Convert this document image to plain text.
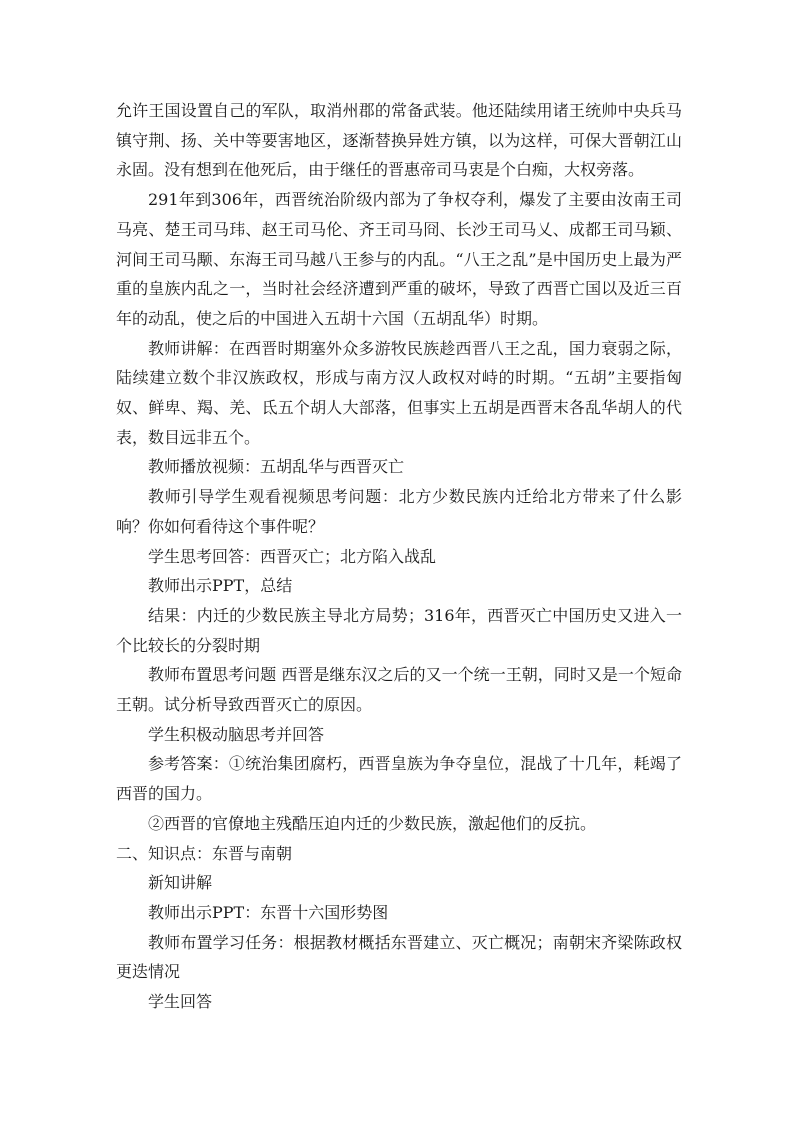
允许王国设置自己的军队，取消州郡的常备武装。他还陆续用诸王统帅中央兵马镇守荆、扬、关中等要害地区，逐渐替换异姓方镇，以为这样，可保大晋朝江山永固。没有想到在他死后，由于继任的晋惠帝司马衷是个白痴，大权旁落。

291年到306年，西晋统治阶级内部为了争权夺利，爆发了主要由汝南王司马亮、楚王司马玮、赵王司马伦、齐王司马冏、长沙王司马乂、成都王司马颖、河间王司马颙、东海王司马越八王参与的内乱。“八王之乱”是中国历史上最为严重的皇族内乱之一，当时社会经济遭到严重的破坏，导致了西晋亡国以及近三百年的动乱，使之后的中国进入五胡十六国（五胡乱华）时期。

教师讲解：在西晋时期塞外众多游牧民族趁西晋八王之乱，国力衰弱之际，陆续建立数个非汉族政权，形成与南方汉人政权对峙的时期。“五胡”主要指匈奴、鲜卑、羯、羌、氐五个胡人大部落，但事实上五胡是西晋末各乱华胡人的代表，数目远非五个。

教师播放视频：五胡乱华与西晋灭亡

教师引导学生观看视频思考问题：北方少数民族内迁给北方带来了什么影响？你如何看待这个事件呢？

学生思考回答：西晋灭亡；北方陷入战乱

教师出示PPT，总结

结果：内迁的少数民族主导北方局势；316年，西晋灭亡中国历史又进入一个比较长的分裂时期

教师布置思考问题 西晋是继东汉之后的又一个统一王朝，同时又是一个短命王朝。试分析导致西晋灭亡的原因。

学生积极动脑思考并回答

参考答案：①统治集团腐朽，西晋皇族为争夺皇位，混战了十几年，耗竭了西晋的国力。

②西晋的官僚地主残酷压迫内迁的少数民族，激起他们的反抗。

二、知识点：东晋与南朝

新知讲解

教师出示PPT：东晋十六国形势图

教师布置学习任务：根据教材概括东晋建立、灭亡概况；南朝宋齐梁陈政权更迭情况

学生回答
